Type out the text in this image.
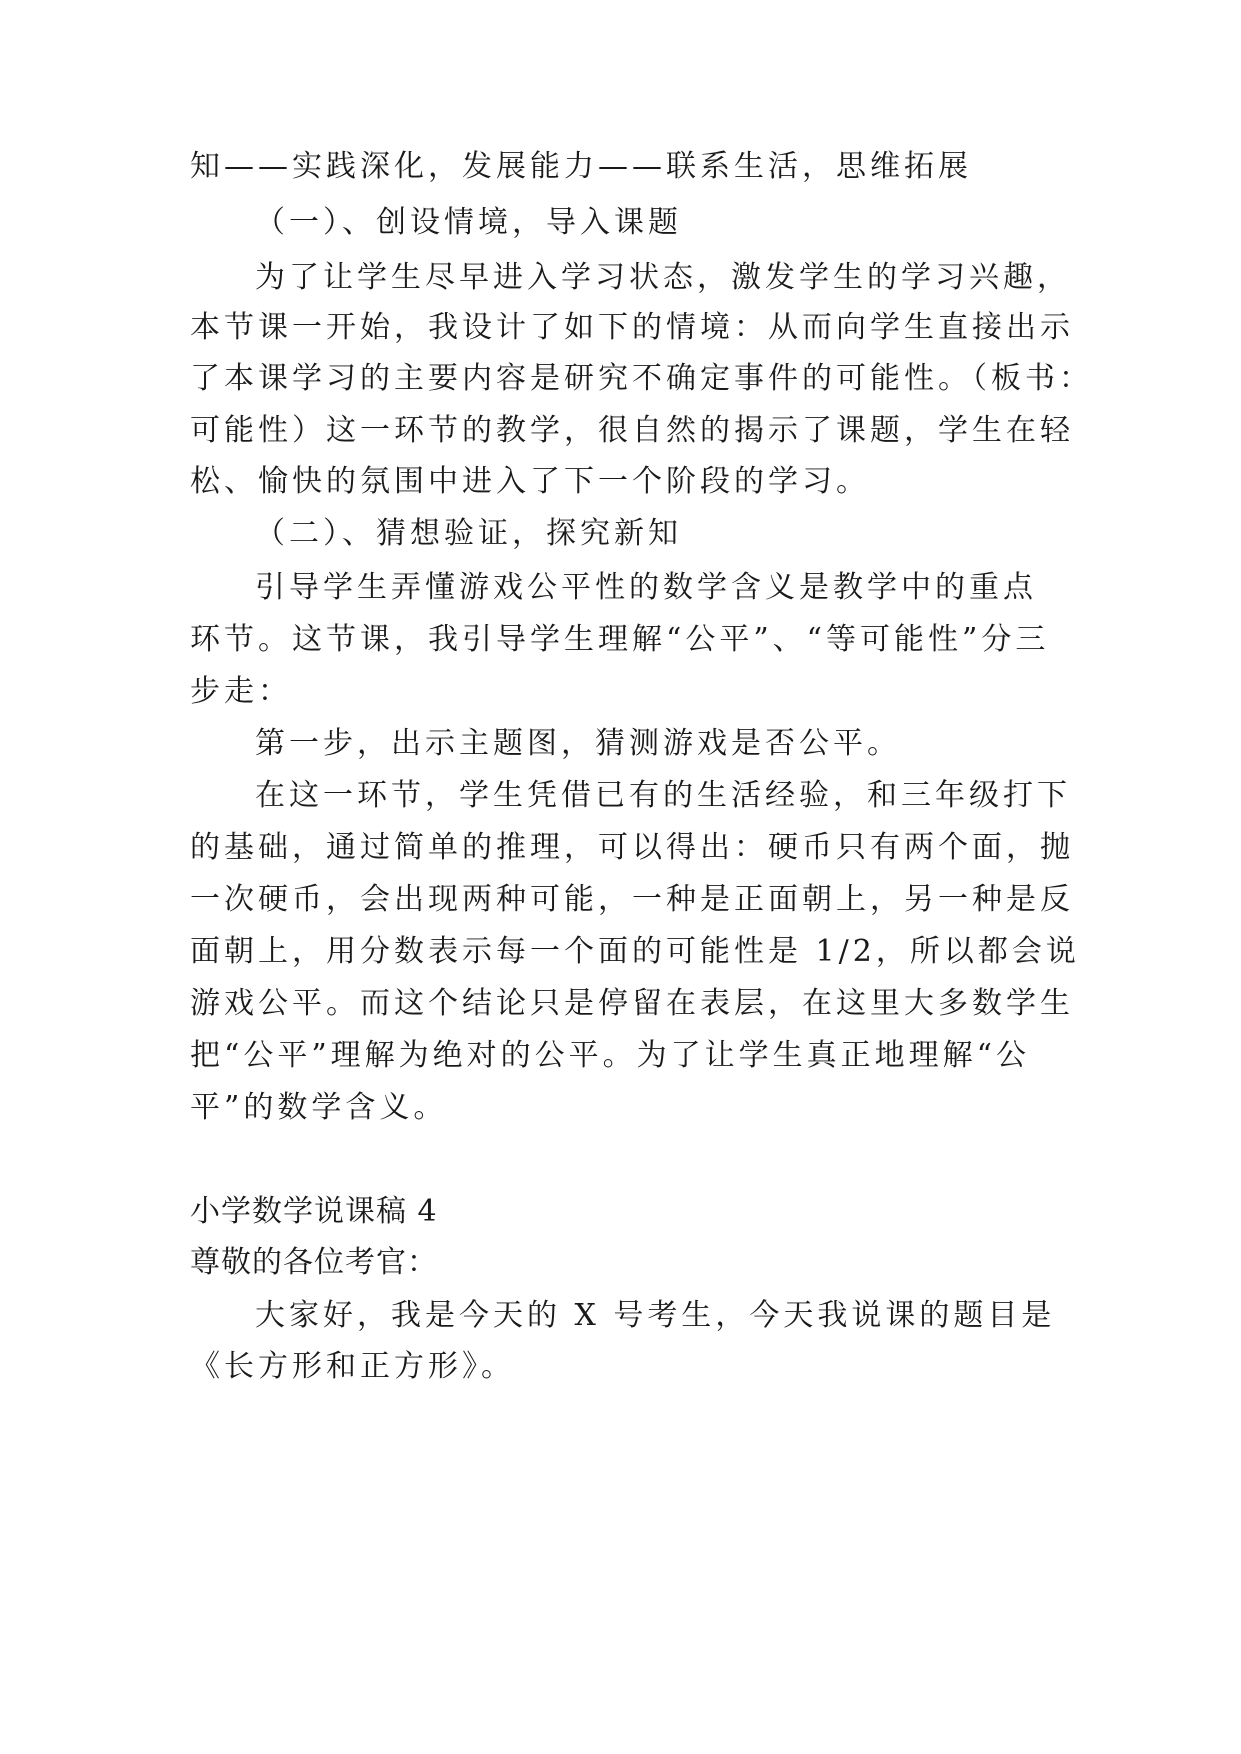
知——实践深化，发展能力——联系生活，思维拓展
（一）、创设情境，导入课题
为了让学生尽早进入学习状态，激发学生的学习兴趣，
本节课一开始，我设计了如下的情境：从而向学生直接出示
了本课学习的主要内容是研究不确定事件的可能性。（板书：
可能性）这一环节的教学，很自然的揭示了课题，学生在轻
松、愉快的氛围中进入了下一个阶段的学习。
（二）、猜想验证，探究新知
引导学生弄懂游戏公平性的数学含义是教学中的重点
环节。这节课，我引导学生理解“公平”、“等可能性”分三
步走：
第一步，出示主题图，猜测游戏是否公平。
在这一环节，学生凭借已有的生活经验，和三年级打下
的基础，通过简单的推理，可以得出：硬币只有两个面，抛
一次硬币，会出现两种可能，一种是正面朝上，另一种是反
面朝上，用分数表示每一个面的可能性是 1/2，所以都会说
游戏公平。而这个结论只是停留在表层，在这里大多数学生
把“公平”理解为绝对的公平。为了让学生真正地理解“公
平”的数学含义。
小学数学说课稿 4
尊敬的各位考官：
大家好，我是今天的 X 号考生，今天我说课的题目是
《长方形和正方形》。
